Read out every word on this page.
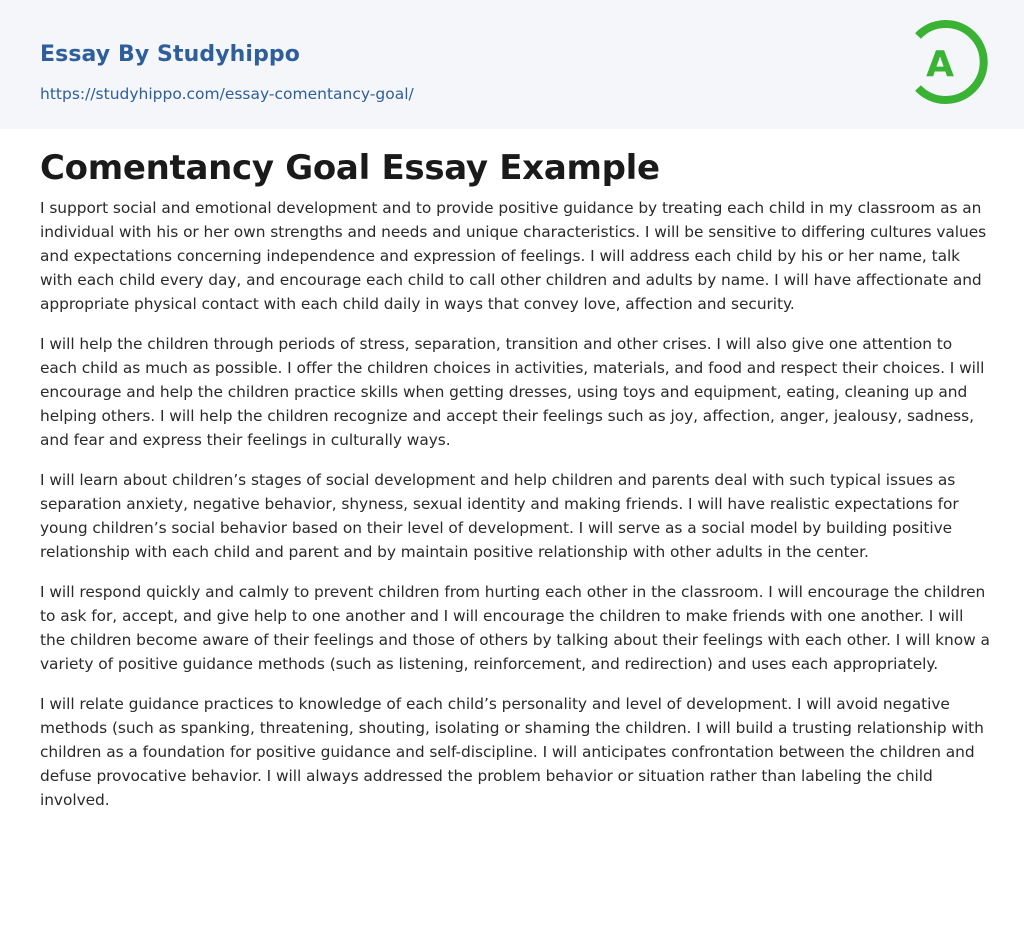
Essay By Studyhippo
https://studyhippo.com/essay-comentancy-goal/
A
Comentancy Goal Essay Example

I support social and emotional development and to provide positive guidance by treating each child in my classroom as an individual with his or her own strengths and needs and unique characteristics. I will be sensitive to differing cultures values and expectations concerning independence and expression of feelings. I will address each child by his or her name, talk with each child every day, and encourage each child to call other children and adults by name. I will have affectionate and appropriate physical contact with each child daily in ways that convey love, affection and security.

I will help the children through periods of stress, separation, transition and other crises. I will also give one attention to each child as much as possible. I offer the children choices in activities, materials, and food and respect their choices. I will encourage and help the children practice skills when getting dresses, using toys and equipment, eating, cleaning up and helping others. I will help the children recognize and accept their feelings such as joy, affection, anger, jealousy, sadness, and fear and express their feelings in culturally ways.

I will learn about children’s stages of social development and help children and parents deal with such typical issues as separation anxiety, negative behavior, shyness, sexual identity and making friends. I will have realistic expectations for young children’s social behavior based on their level of development. I will serve as a social model by building positive relationship with each child and parent and by maintain positive relationship with other adults in the center.

I will respond quickly and calmly to prevent children from hurting each other in the classroom. I will encourage the children to ask for, accept, and give help to one another and I will encourage the children to make friends with one another. I will the children become aware of their feelings and those of others by talking about their feelings with each other. I will know a variety of positive guidance methods (such as listening, reinforcement, and redirection) and uses each appropriately.

I will relate guidance practices to knowledge of each child’s personality and level of development. I will avoid negative methods (such as spanking, threatening, shouting, isolating or shaming the children. I will build a trusting relationship with children as a foundation for positive guidance and self-discipline. I will anticipates confrontation between the children and defuse provocative behavior. I will always addressed the problem behavior or situation rather than labeling the child involved.
